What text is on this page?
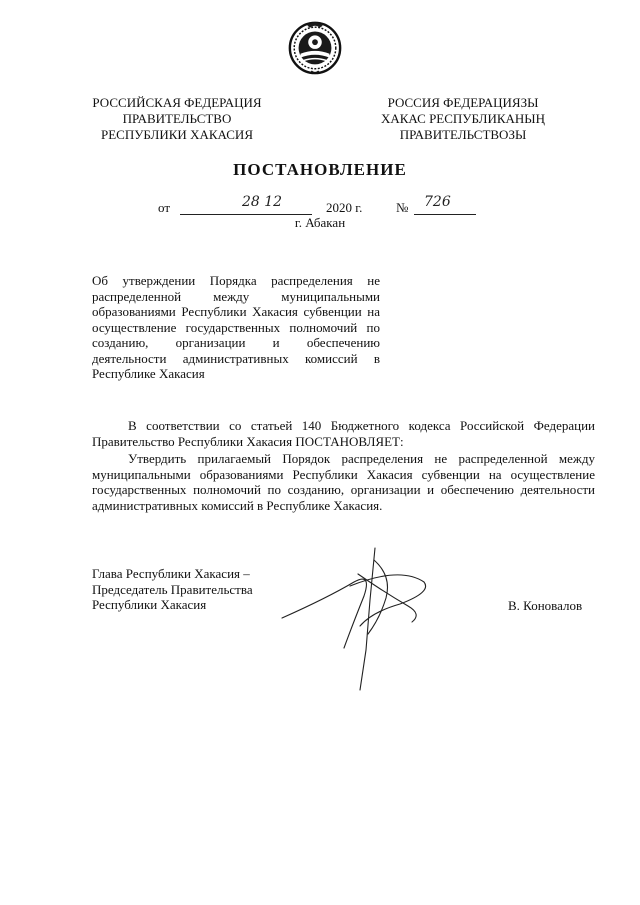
РОССИЙСКАЯ ФЕДЕРАЦИЯ
ПРАВИТЕЛЬСТВО
РЕСПУБЛИКИ ХАКАСИЯ
РОССИЯ ФЕДЕРАЦИЯЗЫ
ХАКАС РЕСПУБЛИКАНЫҢ
ПРАВИТЕЛЬСТВОЗЫ
ПОСТАНОВЛЕНИЕ
от	28 12	2020 г.	№ 726
г. Абакан
Об утверждении Порядка распределения не распределенной между муниципальными образованиями Республики Хакасия субвенции на осуществление государственных полномочий по созданию, организации и обеспечению деятельности административных комиссий в Республике Хакасия

В соответствии со статьей 140 Бюджетного кодекса Российской Федерации Правительство Республики Хакасия ПОСТАНОВЛЯЕТ:

Утвердить прилагаемый Порядок распределения не распределенной между муниципальными образованиями Республики Хакасия субвенции на осуществление государственных полномочий по созданию, организации и обеспечению деятельности административных комиссий в Республике Хакасия.

Глава Республики Хакасия –
Председатель Правительства
Республики Хакасия	В. Коновалов
